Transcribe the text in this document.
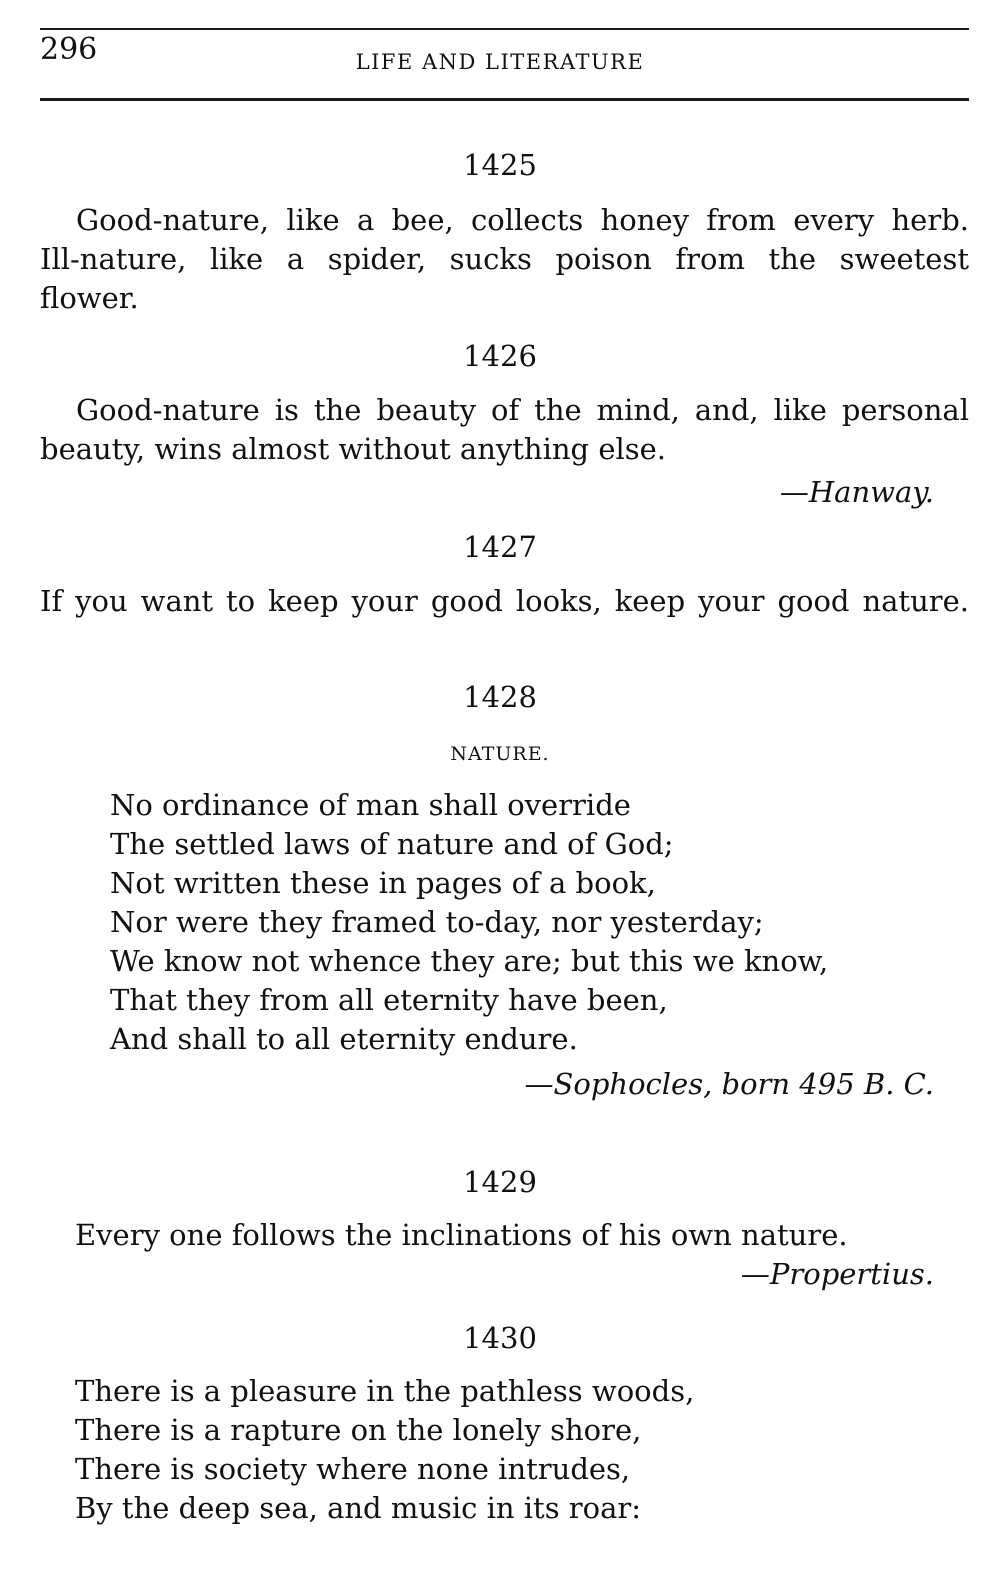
296	LIFE AND LITERATURE
1425
Good-nature, like a bee, collects honey from every herb.
Ill-nature, like a spider, sucks poison from the sweetest
flower.
1426
Good-nature is the beauty of the mind, and, like personal
beauty, wins almost without anything else.
—Hanway.
1427
If you want to keep your good looks, keep your good nature.
1428
NATURE.
No ordinance of man shall override
The settled laws of nature and of God;
Not written these in pages of a book,
Nor were they framed to-day, nor yesterday;
We know not whence they are; but this we know,
That they from all eternity have been,
And shall to all eternity endure.
—Sophocles, born 495 B. C.
1429
Every one follows the inclinations of his own nature.
—Propertius.
1430
There is a pleasure in the pathless woods,
There is a rapture on the lonely shore,
There is society where none intrudes,
By the deep sea, and music in its roar:
